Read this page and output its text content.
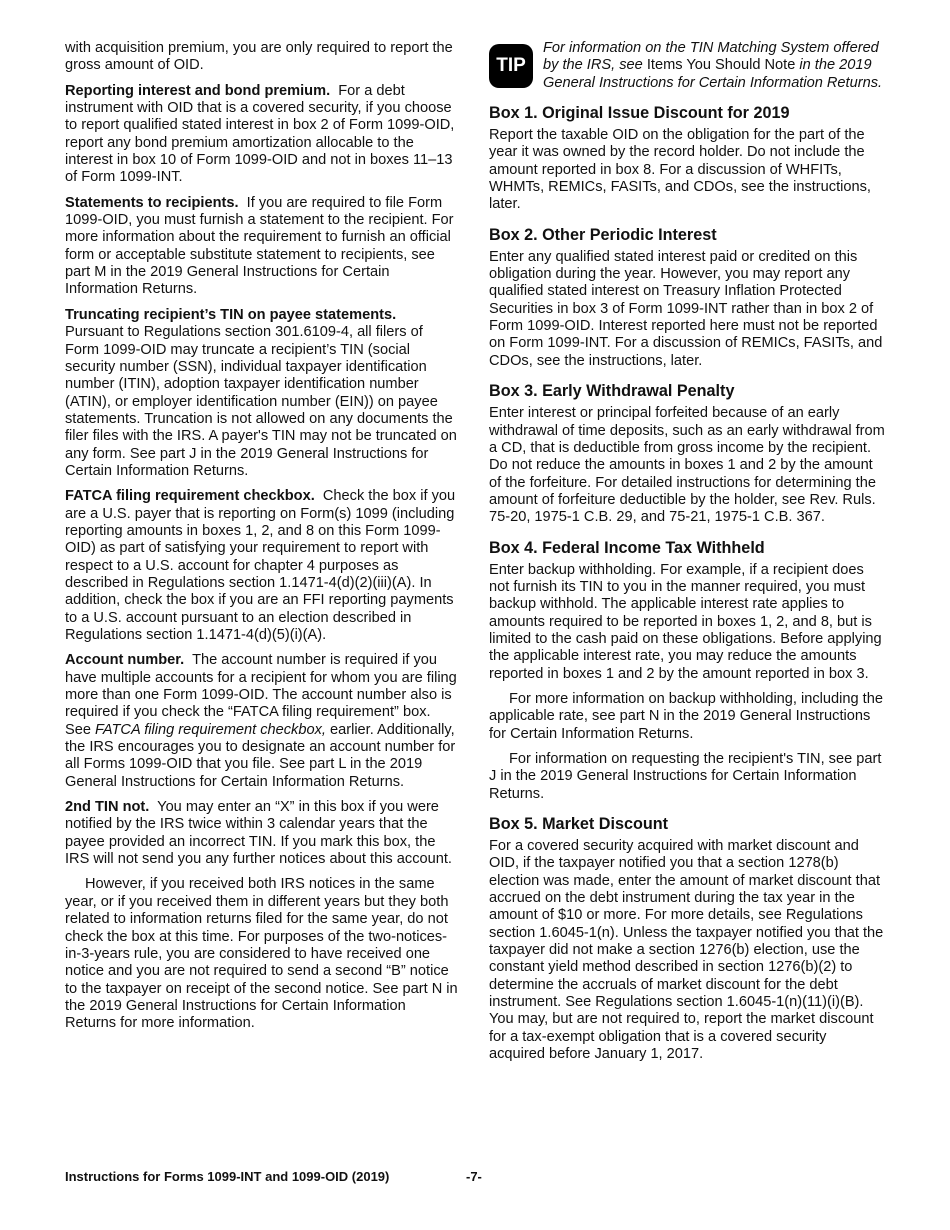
with acquisition premium, you are only required to report the gross amount of OID.

Reporting interest and bond premium. For a debt instrument with OID that is a covered security, if you choose to report qualified stated interest in box 2 of Form 1099-OID, report any bond premium amortization allocable to the interest in box 10 of Form 1099-OID and not in boxes 11–13 of Form 1099-INT.

Statements to recipients. If you are required to file Form 1099-OID, you must furnish a statement to the recipient. For more information about the requirement to furnish an official form or acceptable substitute statement to recipients, see part M in the 2019 General Instructions for Certain Information Returns.

Truncating recipient’s TIN on payee statements.
Pursuant to Regulations section 301.6109-4, all filers of Form 1099-OID may truncate a recipient’s TIN (social security number (SSN), individual taxpayer identification number (ITIN), adoption taxpayer identification number (ATIN), or employer identification number (EIN)) on payee statements. Truncation is not allowed on any documents the filer files with the IRS. A payer's TIN may not be truncated on any form. See part J in the 2019 General Instructions for Certain Information Returns.

FATCA filing requirement checkbox. Check the box if you are a U.S. payer that is reporting on Form(s) 1099 (including reporting amounts in boxes 1, 2, and 8 on this Form 1099-OID) as part of satisfying your requirement to report with respect to a U.S. account for chapter 4 purposes as described in Regulations section 1.1471-4(d)(2)(iii)(A). In addition, check the box if you are an FFI reporting payments to a U.S. account pursuant to an election described in Regulations section 1.1471-4(d)(5)(i)(A).

Account number. The account number is required if you have multiple accounts for a recipient for whom you are filing more than one Form 1099-OID. The account number also is required if you check the “FATCA filing requirement” box. See FATCA filing requirement checkbox, earlier. Additionally, the IRS encourages you to designate an account number for all Forms 1099-OID that you file. See part L in the 2019 General Instructions for Certain Information Returns.

2nd TIN not. You may enter an “X” in this box if you were notified by the IRS twice within 3 calendar years that the payee provided an incorrect TIN. If you mark this box, the IRS will not send you any further notices about this account.

However, if you received both IRS notices in the same year, or if you received them in different years but they both related to information returns filed for the same year, do not check the box at this time. For purposes of the two-notices-in-3-years rule, you are considered to have received one notice and you are not required to send a second “B” notice to the taxpayer on receipt of the second notice. See part N in the 2019 General Instructions for Certain Information Returns for more information.

TIP
For information on the TIN Matching System offered by the IRS, see Items You Should Note in the 2019 General Instructions for Certain Information Returns.
Box 1. Original Issue Discount for 2019

Report the taxable OID on the obligation for the part of the year it was owned by the record holder. Do not include the amount reported in box 8. For a discussion of WHFITs, WHMTs, REMICs, FASITs, and CDOs, see the instructions, later.

Box 2. Other Periodic Interest

Enter any qualified stated interest paid or credited on this obligation during the year. However, you may report any qualified stated interest on Treasury Inflation Protected Securities in box 3 of Form 1099-INT rather than in box 2 of Form 1099-OID. Interest reported here must not be reported on Form 1099-INT. For a discussion of REMICs, FASITs, and CDOs, see the instructions, later.

Box 3. Early Withdrawal Penalty

Enter interest or principal forfeited because of an early withdrawal of time deposits, such as an early withdrawal from a CD, that is deductible from gross income by the recipient. Do not reduce the amounts in boxes 1 and 2 by the amount of the forfeiture. For detailed instructions for determining the amount of forfeiture deductible by the holder, see Rev. Ruls. 75-20, 1975-1 C.B. 29, and 75-21, 1975-1 C.B. 367.

Box 4. Federal Income Tax Withheld

Enter backup withholding. For example, if a recipient does not furnish its TIN to you in the manner required, you must backup withhold. The applicable interest rate applies to amounts required to be reported in boxes 1, 2, and 8, but is limited to the cash paid on these obligations. Before applying the applicable interest rate, you may reduce the amounts reported in boxes 1 and 2 by the amount reported in box 3.

For more information on backup withholding, including the applicable rate, see part N in the 2019 General Instructions for Certain Information Returns.

For information on requesting the recipient's TIN, see part J in the 2019 General Instructions for Certain Information Returns.

Box 5. Market Discount

For a covered security acquired with market discount and OID, if the taxpayer notified you that a section 1278(b) election was made, enter the amount of market discount that accrued on the debt instrument during the tax year in the amount of $10 or more. For more details, see Regulations section 1.6045-1(n). Unless the taxpayer notified you that the taxpayer did not make a section 1276(b) election, use the constant yield method described in section 1276(b)(2) to determine the accruals of market discount for the debt instrument. See Regulations section 1.6045-1(n)(11)(i)(B). You may, but are not required to, report the market discount for a tax-exempt obligation that is a covered security acquired before January 1, 2017.

Instructions for Forms 1099-INT and 1099-OID (2019)	-7-
